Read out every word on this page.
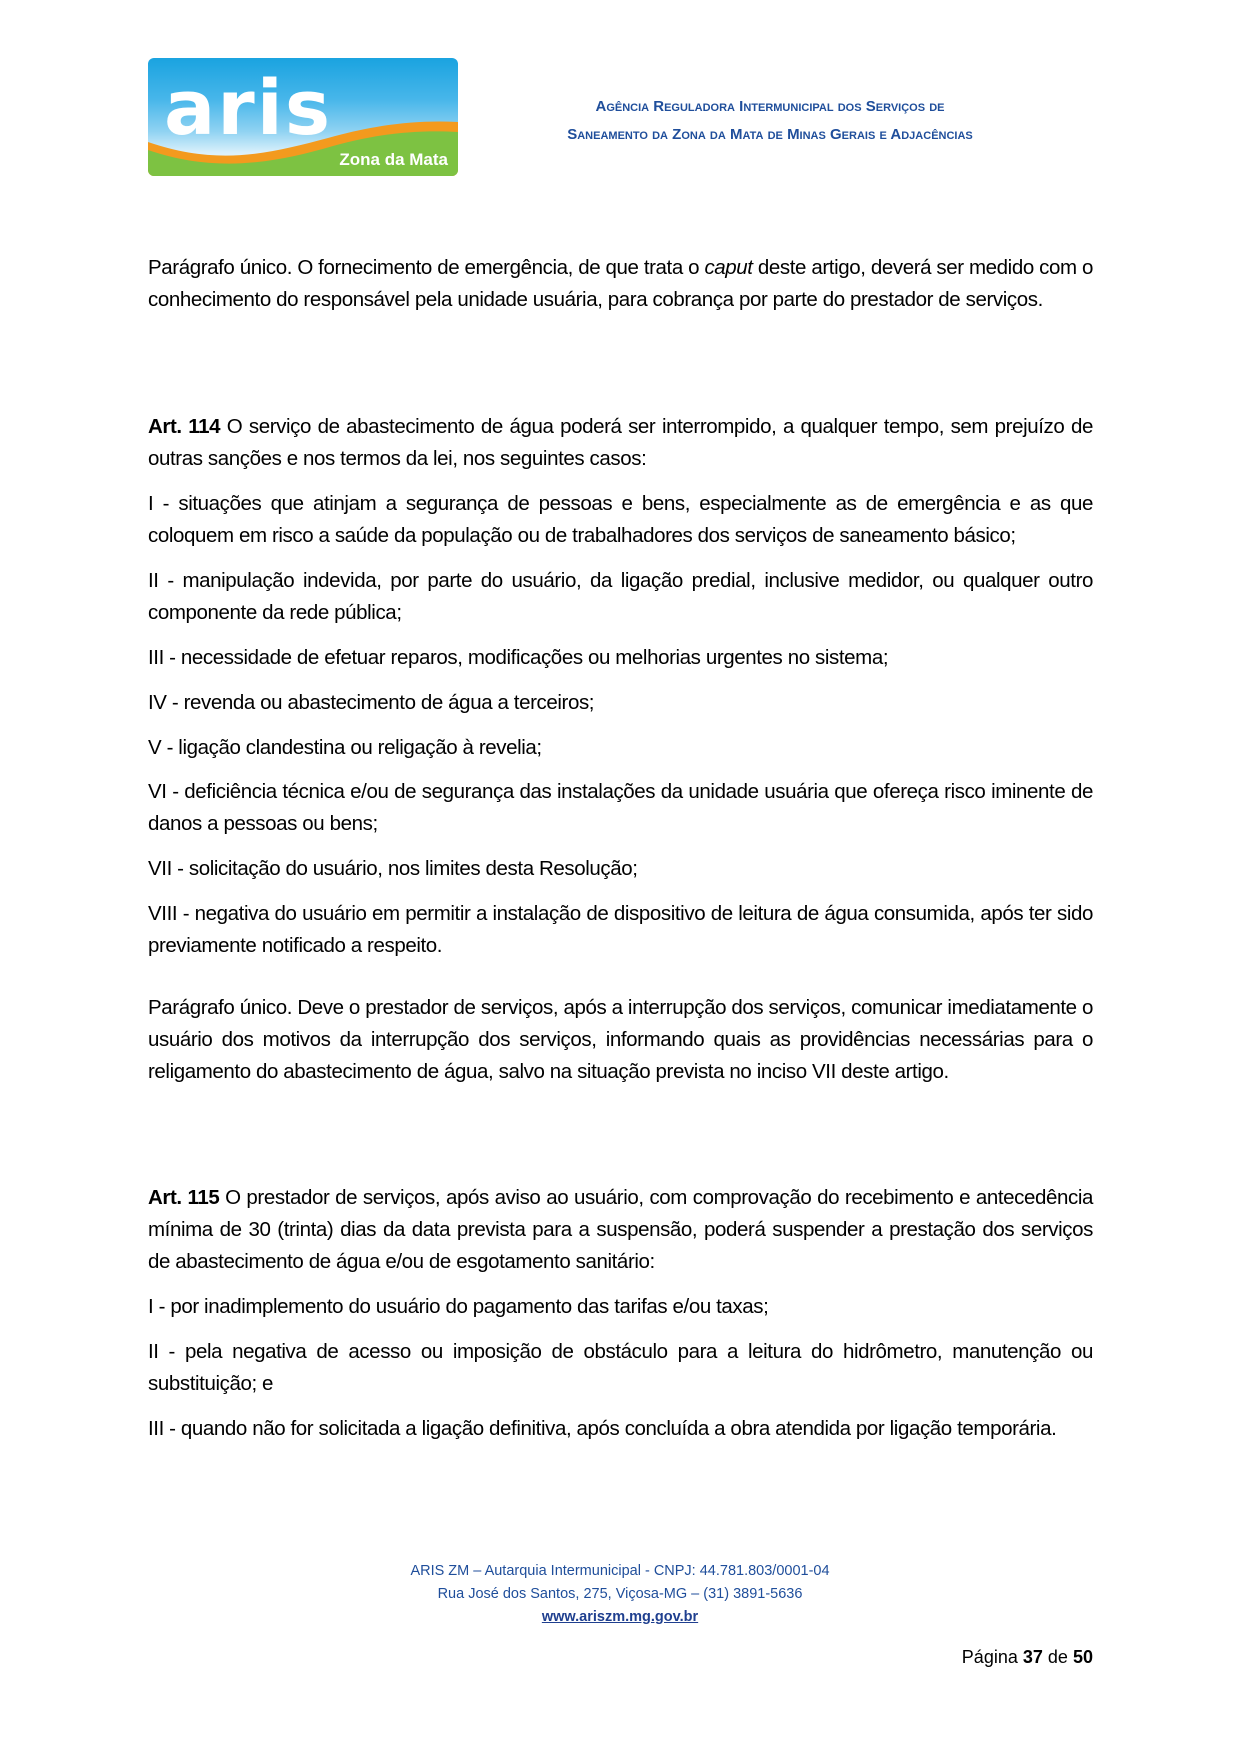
aris
Zona da Mata
Agência Reguladora Intermunicipal dos Serviços de
Saneamento da Zona da Mata de Minas Gerais e Adjacências

Parágrafo único. O fornecimento de emergência, de que trata o caput deste artigo, deverá ser medido com o conhecimento do responsável pela unidade usuária, para cobrança por parte do prestador de serviços.

Art. 114 O serviço de abastecimento de água poderá ser interrompido, a qualquer tempo, sem prejuízo de outras sanções e nos termos da lei, nos seguintes casos:

I - situações que atinjam a segurança de pessoas e bens, especialmente as de emergência e as que coloquem em risco a saúde da população ou de trabalhadores dos serviços de saneamento básico;

II - manipulação indevida, por parte do usuário, da ligação predial, inclusive medidor, ou qualquer outro componente da rede pública;

III - necessidade de efetuar reparos, modificações ou melhorias urgentes no sistema;

IV - revenda ou abastecimento de água a terceiros;

V - ligação clandestina ou religação à revelia;

VI - deficiência técnica e/ou de segurança das instalações da unidade usuária que ofereça risco iminente de danos a pessoas ou bens;

VII - solicitação do usuário, nos limites desta Resolução;

VIII - negativa do usuário em permitir a instalação de dispositivo de leitura de água consumida, após ter sido previamente notificado a respeito.

Parágrafo único. Deve o prestador de serviços, após a interrupção dos serviços, comunicar imediatamente o usuário dos motivos da interrupção dos serviços, informando quais as providências necessárias para o religamento do abastecimento de água, salvo na situação prevista no inciso VII deste artigo.

Art. 115 O prestador de serviços, após aviso ao usuário, com comprovação do recebimento e antecedência mínima de 30 (trinta) dias da data prevista para a suspensão, poderá suspender a prestação dos serviços de abastecimento de água e/ou de esgotamento sanitário:

I - por inadimplemento do usuário do pagamento das tarifas e/ou taxas;

II - pela negativa de acesso ou imposição de obstáculo para a leitura do hidrômetro, manutenção ou substituição; e

III - quando não for solicitada a ligação definitiva, após concluída a obra atendida por ligação temporária.

ARIS ZM – Autarquia Intermunicipal - CNPJ: 44.781.803/0001-04
Rua José dos Santos, 275, Viçosa-MG – (31) 3891-5636
www.ariszm.mg.gov.br
Página 37 de 50
